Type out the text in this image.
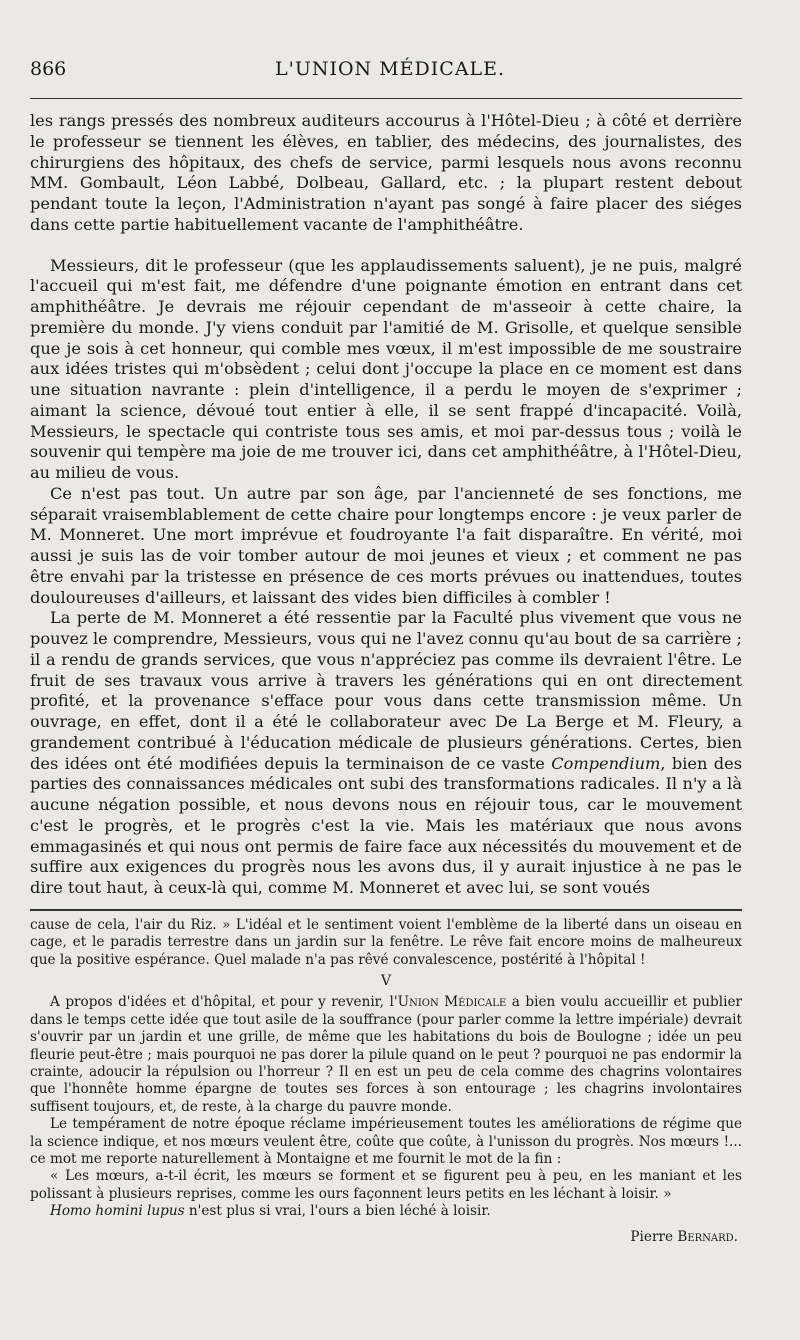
866	L'UNION MÉDICALE.

les rangs pressés des nombreux auditeurs accourus à l'Hôtel-Dieu ; à côté et derrière le professeur se tiennent les élèves, en tablier, des médecins, des journalistes, des chirurgiens des hôpitaux, des chefs de service, parmi lesquels nous avons reconnu MM. Gombault, Léon Labbé, Dolbeau, Gallard, etc. ; la plupart restent debout pendant toute la leçon, l'Administration n'ayant pas songé à faire placer des siéges dans cette partie habituellement vacante de l'amphithéâtre.

Messieurs, dit le professeur (que les applaudissements saluent), je ne puis, malgré l'accueil qui m'est fait, me défendre d'une poignante émotion en entrant dans cet amphithéâtre. Je devrais me réjouir cependant de m'asseoir à cette chaire, la première du monde. J'y viens conduit par l'amitié de M. Grisolle, et quelque sensible que je sois à cet honneur, qui comble mes vœux, il m'est impossible de me soustraire aux idées tristes qui m'obsèdent ; celui dont j'occupe la place en ce moment est dans une situation navrante : plein d'intelligence, il a perdu le moyen de s'exprimer ; aimant la science, dévoué tout entier à elle, il se sent frappé d'incapacité. Voilà, Messieurs, le spectacle qui contriste tous ses amis, et moi par-dessus tous ; voilà le souvenir qui tempère ma joie de me trouver ici, dans cet amphithéâtre, à l'Hôtel-Dieu, au milieu de vous.

Ce n'est pas tout. Un autre par son âge, par l'ancienneté de ses fonctions, me séparait vraisemblablement de cette chaire pour longtemps encore : je veux parler de M. Monneret. Une mort imprévue et foudroyante l'a fait disparaître. En vérité, moi aussi je suis las de voir tomber autour de moi jeunes et vieux ; et comment ne pas être envahi par la tristesse en présence de ces morts prévues ou inattendues, toutes douloureuses d'ailleurs, et laissant des vides bien difficiles à combler !

La perte de M. Monneret a été ressentie par la Faculté plus vivement que vous ne pouvez le comprendre, Messieurs, vous qui ne l'avez connu qu'au bout de sa carrière ; il a rendu de grands services, que vous n'appréciez pas comme ils devraient l'être. Le fruit de ses travaux vous arrive à travers les générations qui en ont directement profité, et la provenance s'efface pour vous dans cette transmission même. Un ouvrage, en effet, dont il a été le collaborateur avec De La Berge et M. Fleury, a grandement contribué à l'éducation médicale de plusieurs générations. Certes, bien des idées ont été modifiées depuis la terminaison de ce vaste Compendium, bien des parties des connaissances médicales ont subi des transformations radicales. Il n'y a là aucune négation possible, et nous devons nous en réjouir tous, car le mouvement c'est le progrès, et le progrès c'est la vie. Mais les matériaux que nous avons emmagasinés et qui nous ont permis de faire face aux nécessités du mouvement et de suffire aux exigences du progrès nous les avons dus, il y aurait injustice à ne pas le dire tout haut, à ceux-là qui, comme M. Monneret et avec lui, se sont voués

cause de cela, l'air du Riz. » L'idéal et le sentiment voient l'emblème de la liberté dans un oiseau en cage, et le paradis terrestre dans un jardin sur la fenêtre. Le rêve fait encore moins de malheureux que la positive espérance. Quel malade n'a pas rêvé convalescence, postérité à l'hôpital !

V

A propos d'idées et d'hôpital, et pour y revenir, l'Union Médicale a bien voulu accueillir et publier dans le temps cette idée que tout asile de la souffrance (pour parler comme la lettre impériale) devrait s'ouvrir par un jardin et une grille, de même que les habitations du bois de Boulogne ; idée un peu fleurie peut-être ; mais pourquoi ne pas dorer la pilule quand on le peut ? pourquoi ne pas endormir la crainte, adoucir la répulsion ou l'horreur ? Il en est un peu de cela comme des chagrins volontaires que l'honnête homme épargne de toutes ses forces à son entourage ; les chagrins involontaires suffisent toujours, et, de reste, à la charge du pauvre monde.

Le tempérament de notre époque réclame impérieusement toutes les améliorations de régime que la science indique, et nos mœurs veulent être, coûte que coûte, à l'unisson du progrès. Nos mœurs !... ce mot me reporte naturellement à Montaigne et me fournit le mot de la fin :

« Les mœurs, a-t-il écrit, les mœurs se forment et se figurent peu à peu, en les maniant et les polissant à plusieurs reprises, comme les ours façonnent leurs petits en les léchant à loisir. »

Homo homini lupus n'est plus si vrai, l'ours a bien léché à loisir.

Pierre Bernard.
